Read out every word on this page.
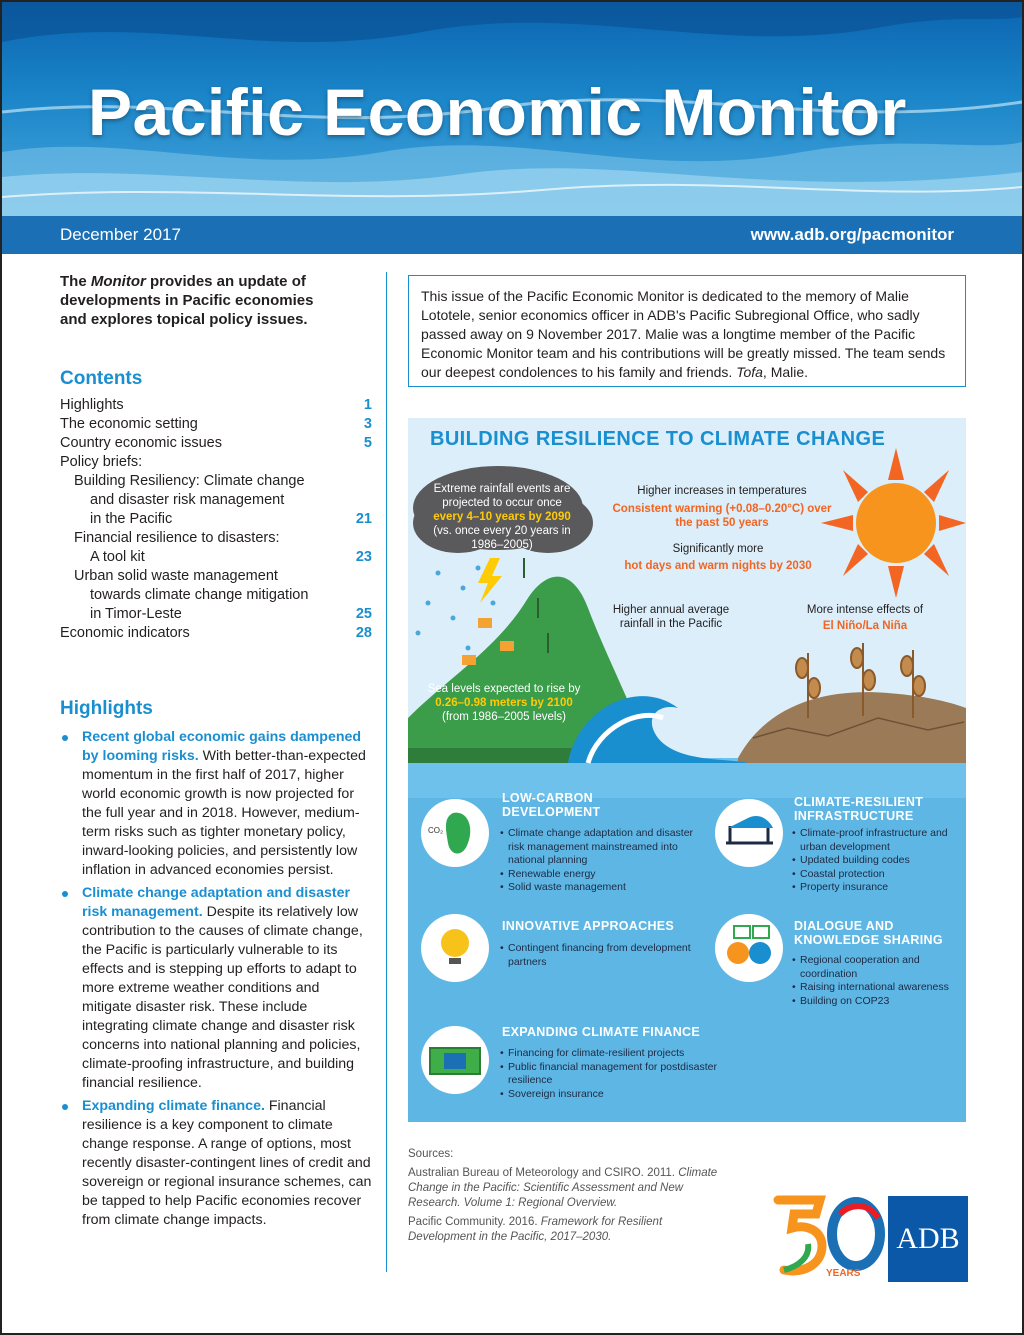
Pacific Economic Monitor
December 2017	www.adb.org/pacmonitor
The Monitor provides an update of developments in Pacific economies and explores topical policy issues.
Contents
Highlights	1
The economic setting	3
Country economic issues	5
Policy briefs:
Building Resiliency: Climate change
and disaster risk management
in the Pacific	21
Financial resilience to disasters:
A tool kit	23
Urban solid waste management
towards climate change mitigation
in Timor-Leste	25
Economic indicators	28
Highlights
Recent global economic gains dampened by looming risks. With better-than-expected momentum in the first half of 2017, higher world economic growth is now projected for the full year and in 2018. However, medium-term risks such as tighter monetary policy, inward-looking policies, and persistently low inflation in advanced economies persist.
Climate change adaptation and disaster risk management. Despite its relatively low contribution to the causes of climate change, the Pacific is particularly vulnerable to its effects and is stepping up efforts to adapt to more extreme weather conditions and mitigate disaster risk. These include integrating climate change and disaster risk concerns into national planning and policies, climate-proofing infrastructure, and building financial resilience.
Expanding climate finance. Financial resilience is a key component to climate change response. A range of options, most recently disaster-contingent lines of credit and sovereign or regional insurance schemes, can be tapped to help Pacific economies recover from climate change impacts.
This issue of the Pacific Economic Monitor is dedicated to the memory of Malie Lototele, senior economics officer in ADB's Pacific Subregional Office, who sadly passed away on 9 November 2017. Malie was a longtime member of the Pacific Economic Monitor team and his contributions will be greatly missed. The team sends our deepest condolences to his family and friends. Tofa, Malie.
BUILDING RESILIENCE TO CLIMATE CHANGE
Extreme rainfall events are projected to occur once
every 4–10 years by 2090
(vs. once every 20 years in 1986–2005)
Higher increases in temperatures
Consistent warming (+0.08–0.20°C) over the past 50 years
Significantly more
hot days and warm nights by 2030
Higher annual average rainfall in the Pacific
More intense effects of
El Niño/La Niña
Sea levels expected to rise by
0.26–0.98 meters by 2100
(from 1986–2005 levels)
CO₂
LOW-CARBON DEVELOPMENT
• Climate change adaptation and disaster risk management mainstreamed into national planning
• Renewable energy
• Solid waste management
CLIMATE-RESILIENT INFRASTRUCTURE
• Climate-proof infrastructure and urban development
• Updated building codes
• Coastal protection
• Property insurance
INNOVATIVE APPROACHES
• Contingent financing from development partners
DIALOGUE AND KNOWLEDGE SHARING
• Regional cooperation and coordination
• Raising international awareness
• Building on COP23
EXPANDING CLIMATE FINANCE
• Financing for climate-resilient projects
• Public financial management for postdisaster resilience
• Sovereign insurance

Sources:

Australian Bureau of Meteorology and CSIRO. 2011. Climate Change in the Pacific: Scientific Assessment and New Research. Volume 1: Regional Overview.

Pacific Community. 2016. Framework for Resilient Development in the Pacific, 2017–2030.

YEARS
ADB
